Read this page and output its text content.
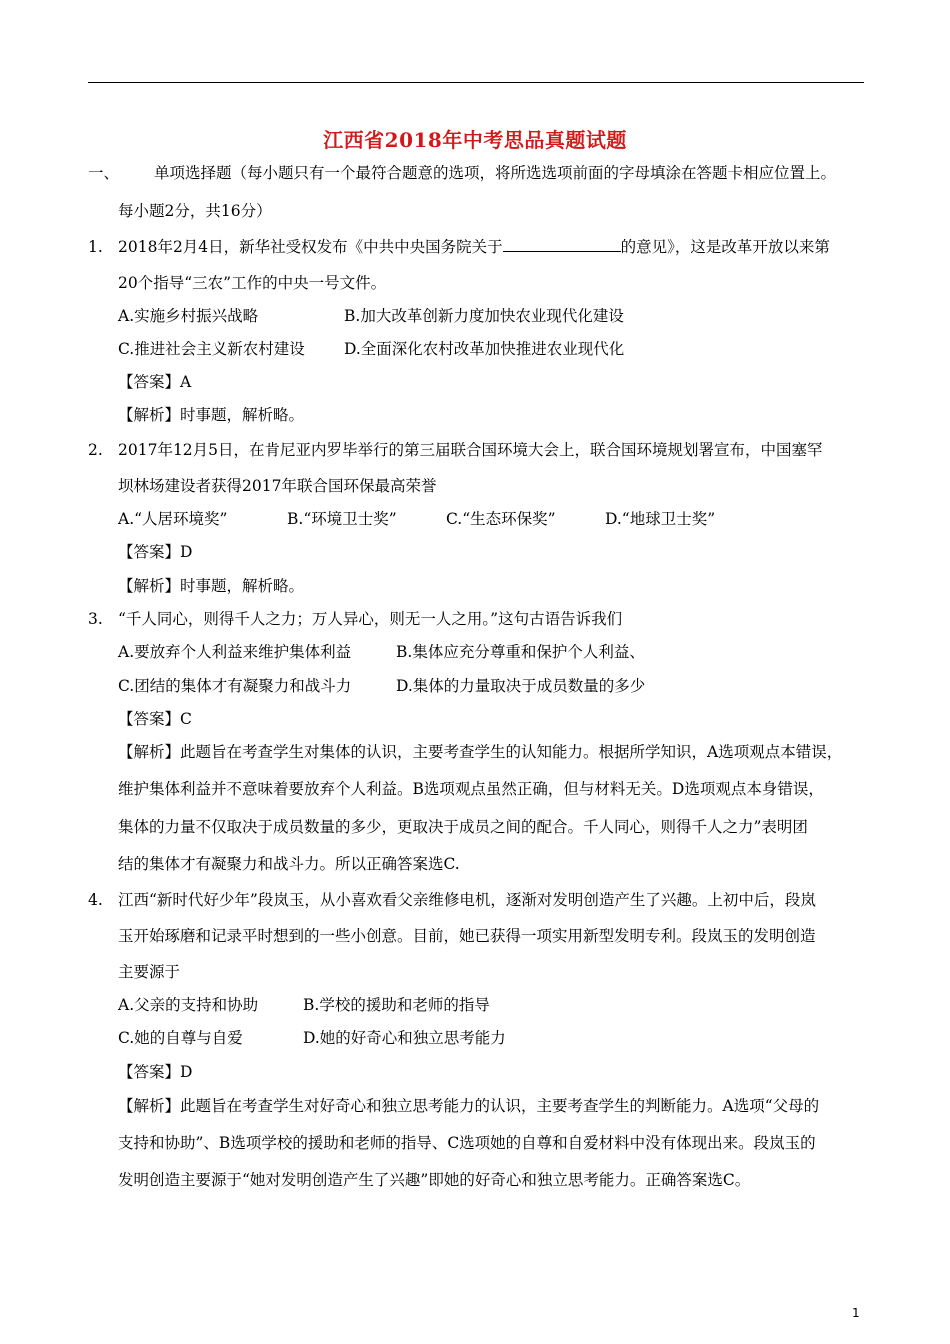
江西省2018年中考思品真题试题
一、 单项选择题（每小题只有一个最符合题意的选项，将所选选项前面的字母填涂在答题卡相应位置上。
每小题2分，共16分）
1. 2018年2月4日，新华社受权发布《中共中央国务院关于	的意见》，这是改革开放以来第
20个指导“三农”工作的中央一号文件。
A.实施乡村振兴战略	B.加大改革创新力度加快农业现代化建设
C.推进社会主义新农村建设	D.全面深化农村改革加快推进农业现代化
【答案】A
【解析】时事题，解析略。
2. 2017年12月5日，在肯尼亚内罗毕举行的第三届联合国环境大会上，联合国环境规划署宣布，中国塞罕
坝林场建设者获得2017年联合国环保最高荣誉
A.“人居环境奖”	B.“环境卫士奖”	C.“生态环保奖”	D.“地球卫士奖”
【答案】D
【解析】时事题，解析略。
3. “千人同心，则得千人之力；万人异心，则无一人之用。”这句古语告诉我们
A.要放弃个人利益来维护集体利益	B.集体应充分尊重和保护个人利益、
C.团结的集体才有凝聚力和战斗力	D.集体的力量取决于成员数量的多少
【答案】C
【解析】此题旨在考查学生对集体的认识，主要考查学生的认知能力。根据所学知识，A选项观点本错误，
维护集体利益并不意味着要放弃个人利益。B选项观点虽然正确，但与材料无关。D选项观点本身错误，
集体的力量不仅取决于成员数量的多少，更取决于成员之间的配合。千人同心，则得千人之力”表明团
结的集体才有凝聚力和战斗力。所以正确答案选C.
4. 江西“新时代好少年”段岚玉，从小喜欢看父亲维修电机，逐渐对发明创造产生了兴趣。上初中后，段岚
玉开始琢磨和记录平时想到的一些小创意。目前，她已获得一项实用新型发明专利。段岚玉的发明创造
主要源于
A.父亲的支持和协助	B.学校的援助和老师的指导
C.她的自尊与自爱	D.她的好奇心和独立思考能力
【答案】D
【解析】此题旨在考查学生对好奇心和独立思考能力的认识，主要考查学生的判断能力。A选项“父母的
支持和协助”、B选项学校的援助和老师的指导、C选项她的自尊和自爱材料中没有体现出来。段岚玉的
发明创造主要源于“她对发明创造产生了兴趣”即她的好奇心和独立思考能力。正确答案选C。
1
